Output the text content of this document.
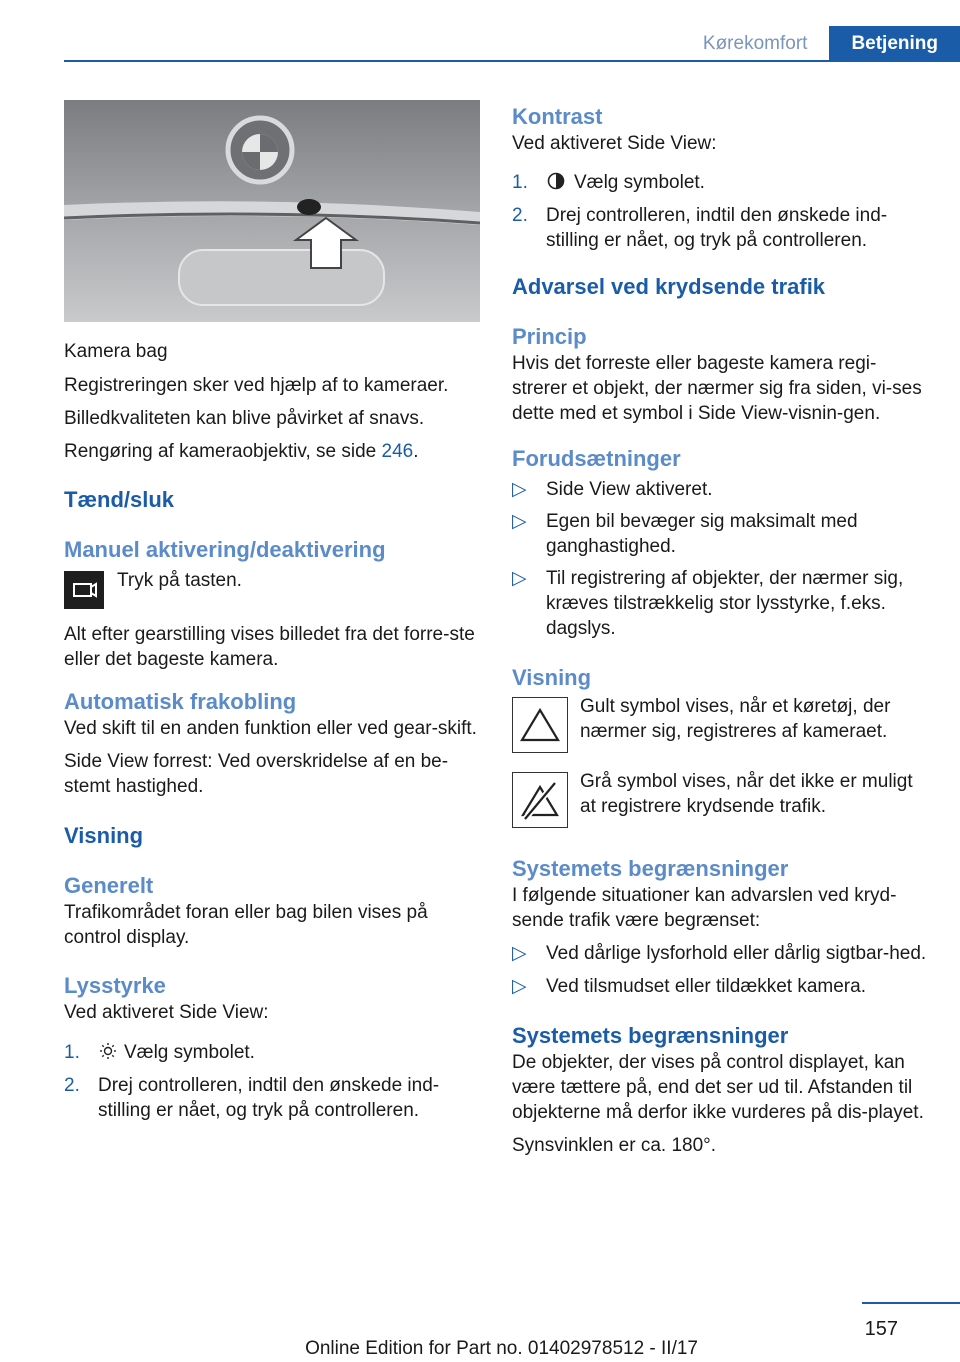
Kørekomfort	Betjening

Kamera bag

Registreringen sker ved hjælp af to kameraer.

Billedkvaliteten kan blive påvirket af snavs.

Rengøring af kameraobjektiv, se side 246.

Tænd/sluk

Manuel aktivering/deaktivering

Tryk på tasten.

Alt efter gearstilling vises billedet fra det forre‐ste eller det bageste kamera.

Automatisk frakobling

Ved skift til en anden funktion eller ved gear‐skift.

Side View forrest: Ved overskridelse af en be‐stemt hastighed.

Visning

Generelt

Trafikområdet foran eller bag bilen vises på control display.

Lysstyrke

Ved aktiveret Side View:

1.	Vælg symbolet.
2. Drej controlleren, indtil den ønskede ind‐stilling er nået, og tryk på controlleren.

Kontrast

Ved aktiveret Side View:

1.	Vælg symbolet.
2. Drej controlleren, indtil den ønskede ind‐stilling er nået, og tryk på controlleren.

Advarsel ved krydsende trafik

Princip

Hvis det forreste eller bageste kamera regi‐strerer et objekt, der nærmer sig fra siden, vi‐ses dette med et symbol i Side View-visnin‐gen.

Forudsætninger

▷	Side View aktiveret.
▷	Egen bil bevæger sig maksimalt med ganghastighed.
▷	Til registrering af objekter, der nærmer sig, kræves tilstrækkelig stor lysstyrke, f.eks. dagslys.

Visning

Gult symbol vises, når et køretøj, der nærmer sig, registreres af kameraet.

Grå symbol vises, når det ikke er muligt at registrere krydsende trafik.

Systemets begrænsninger

I følgende situationer kan advarslen ved kryd‐sende trafik være begrænset:

▷	Ved dårlige lysforhold eller dårlig sigtbar‐hed.
▷	Ved tilsmudset eller tildækket kamera.

Systemets begrænsninger

De objekter, der vises på control displayet, kan være tættere på, end det ser ud til. Afstanden til objekterne må derfor ikke vurderes på dis‐playet.

Synsvinklen er ca. 180°.

157
Online Edition for Part no. 01402978512 - II/17
